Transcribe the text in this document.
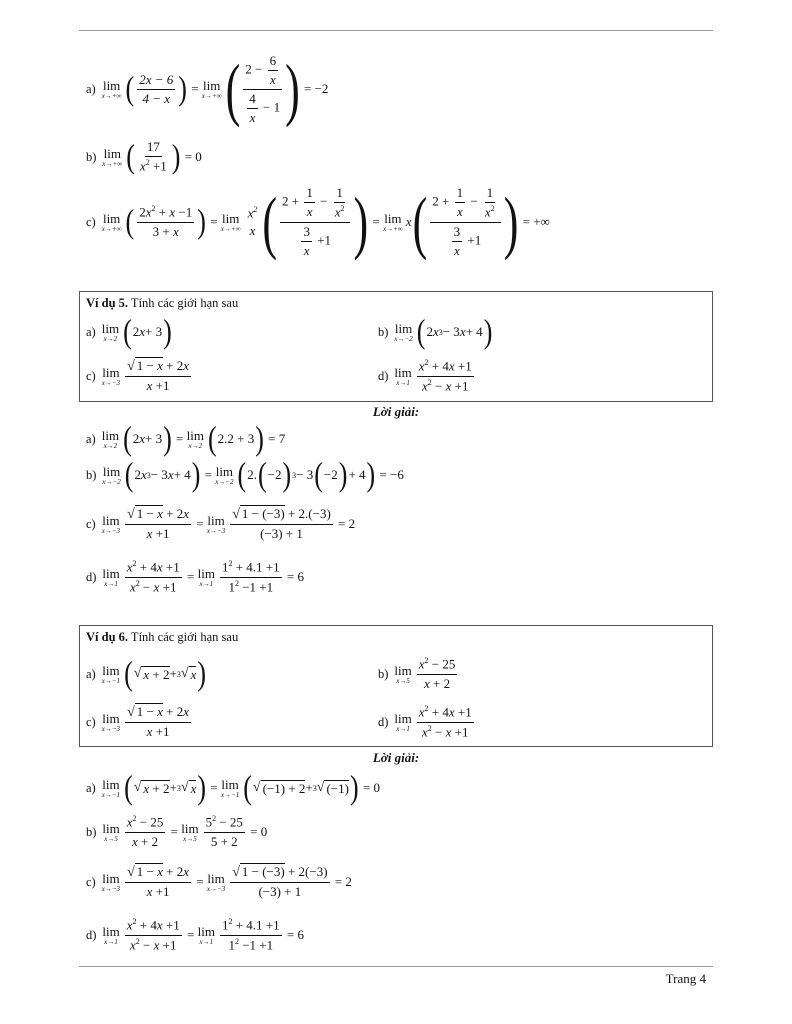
a) lim
x→+∞ ( $\frac{2x - 6}{4 - x}$ ) = lim
x→+∞ ( $\frac{2 - \frac{6}{x}}{\frac{4}{x} - 1}$ ) = −2
b) lim
x→+∞ ( $\frac{17}{x^2 +1}$ ) = 0
c) lim
x→+∞ ( $\frac{2x^2 + x -1}{3 + x}$ ) = lim
x→+∞
$x^2$
x ( $\frac{2 + \frac{1}{x} - \frac{1}{x^2}}{\frac{3}{x} +1}$ ) = lim
x→+∞ x ( $\frac{2 + \frac{1}{x} - \frac{1}{x^2}}{\frac{3}{x} +1}$ ) = +∞
Ví dụ 5. Tính các giới hạn sau
a) lim
x→2 ( 2 x + 3 )	b) lim
x→−2 ( 2 x 3 − 3 x + 4 )
c) lim
$x\to-3 \frac{√ 1 - x + 2x}{x +1}$	d) lim
$x\to 1 \frac{x^2 + 4x +1}{x^2 - x +1}$
Lời giải:
a) lim
x→2 ( 2 x + 3 ) = lim
x→2 ( 2.2 + 3 ) = 7
b) lim
x→−2 ( 2 x 3 − 3 x + 4 ) = lim
x→−2 ( 2. ( −2 ) 3 − 3 ( −2 ) + 4 ) = −6
c) lim
$x\to-3 \frac{√ 1 - x + 2x}{x +1} = \lim$
$x\to-3 \frac{√ 1 - (-3) + 2.(-3)}{(-3) + 1} = 2$
d) lim
$x\to 1 \frac{x^2 + 4x +1}{x^2 - x +1} = \lim$
$x\to 1 \frac{1^2 + 4.1 +1}{1^2 -1 +1} = 6$
Ví dụ 6. Tính các giới hạn sau
a) lim
x→−1 ( √ x + 2 + 3 √ x )	b) lim
$x\to 5 \frac{x^2 - 25}{x + 2}$
c) lim
$x\to-3 \frac{√ 1 - x + 2x}{x +1}$	d) lim
$x\to 1 \frac{x^2 + 4x +1}{x^2 - x +1}$
Lời giải:
a) lim
x→−1 ( √ x + 2 + 3 √ x ) = lim
x→−1 ( √ (−1) + 2 + 3 √ (−1) ) = 0
b) lim
$x\to 5 \frac{x^2 - 25}{x + 2} = \lim$
$x\to 5 \frac{5^2 - 25}{5 + 2} = 0$
c) lim
$x\to-3 \frac{√ 1 - x + 2x}{x +1} = \lim$
$x\to-3 \frac{√ 1 - (-3) + 2(-3)}{(-3) + 1} = 2$
d) lim
$x\to 1 \frac{x^2 + 4x +1}{x^2 - x +1} = \lim$
$x\to 1 \frac{1^2 + 4.1 +1}{1^2 -1 +1} = 6$
Trang 4
